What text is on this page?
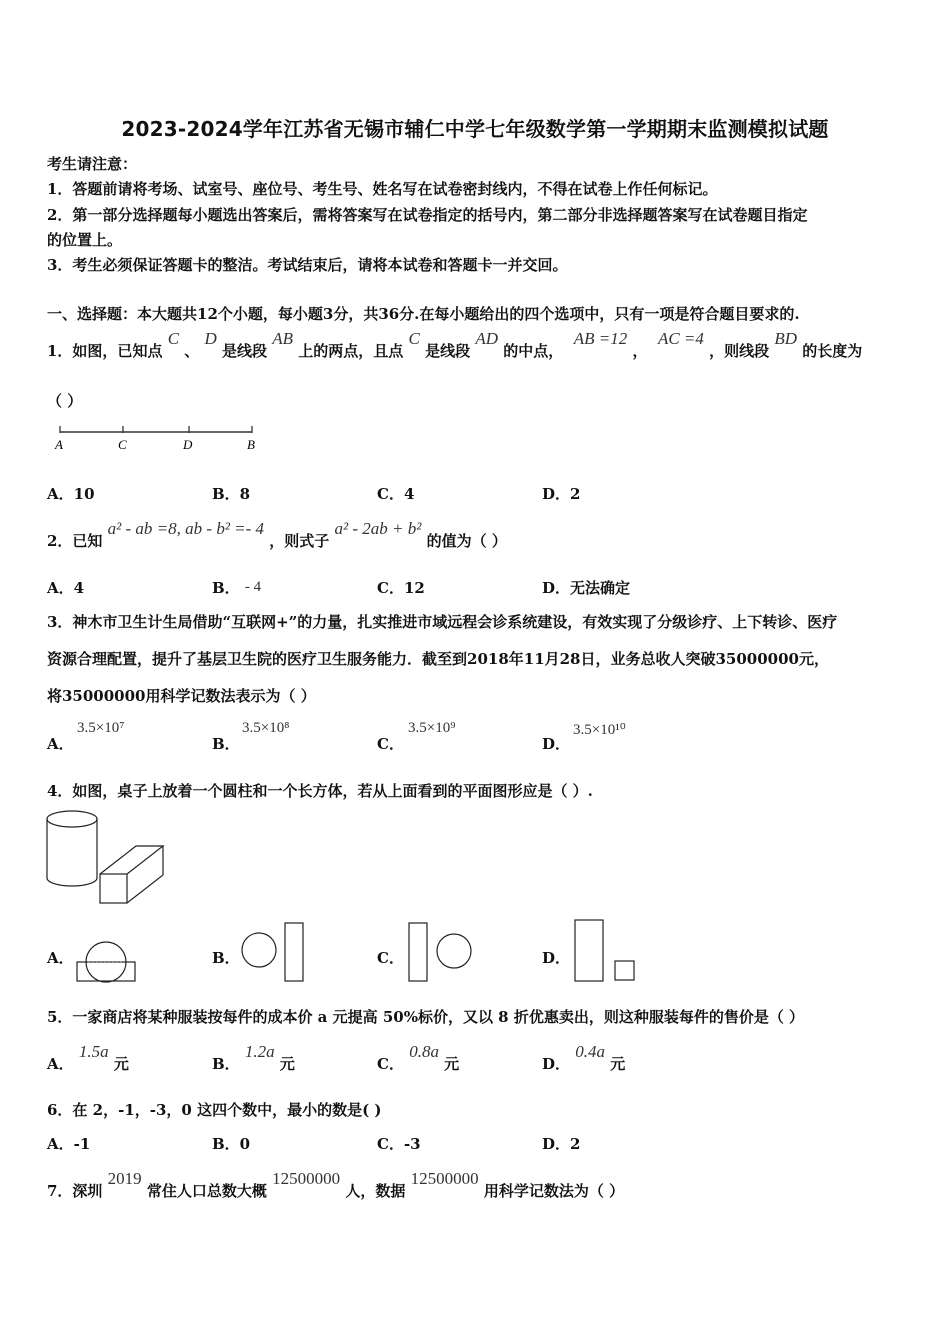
2023-2024学年江苏省无锡市辅仁中学七年级数学第一学期期末监测模拟试题
考生请注意：
1．答题前请将考场、试室号、座位号、考生号、姓名写在试卷密封线内，不得在试卷上作任何标记。
2．第一部分选择题每小题选出答案后，需将答案写在试卷指定的括号内，第二部分非选择题答案写在试卷题目指定
的位置上。
3．考生必须保证答题卡的整洁。考试结束后，请将本试卷和答题卡一并交回。
一、选择题：本大题共12个小题，每小题3分，共36分.在每小题给出的四个选项中，只有一项是符合题目要求的.
1．如图，已知点 C 、 D 是线段 AB 上的两点，且点 C 是线段 AD 的中点，  AB =12 ，  AC =4 ，则线段 BD 的长度为
（ ）
A	C	D	B
A．10	B．8	C．4	D．2
2．已知 a² - ab =8, ab - b² =- 4 ，则式子 a² - 2ab + b² 的值为（ ）
A．4	B． - 4	C．12	D．无法确定
3．神木市卫生计生局借助“互联网+”的力量，扎实推进市域远程会诊系统建设，有效实现了分级诊疗、上下转诊、医疗
资源合理配置，提升了基层卫生院的医疗卫生服务能力．截至到2018年11月28日，业务总收人突破35000000元，
将35000000用科学记数法表示为（ ）
A．
3.5×10⁷
B．
3.5×10⁸
C．
3.5×10⁹
D．
3.5×10¹⁰
4．如图，桌子上放着一个圆柱和一个长方体，若从上面看到的平面图形应是（ ）.
A．	B．	C．	D．
5．一家商店将某种服装按每件的成本价 a 元提高 50%标价，又以 8 折优惠卖出，则这种服装每件的售价是（ ）
A． 1.5a 元	B． 1.2a 元	C． 0.8a 元	D． 0.4a 元
6．在 2，-1，-3，0 这四个数中，最小的数是( )
A．-1	B．0	C．-3	D．2
7．深圳 2019 常住人口总数大概 12500000 人，数据 12500000 用科学记数法为（ ）
